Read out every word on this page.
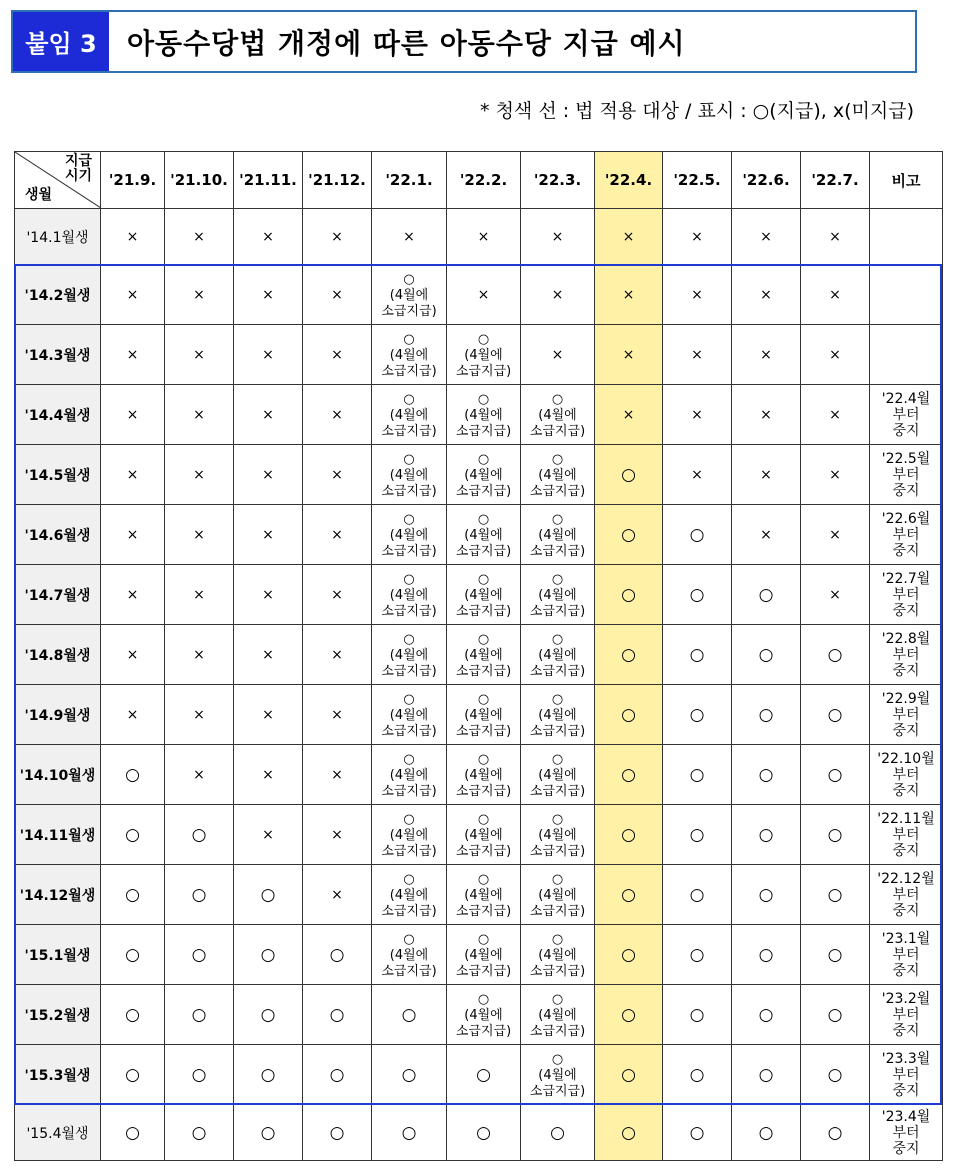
붙임 3	아동수당법 개정에 따른 아동수당 지급 예시
* 청색 선 : 법 적용 대상 / 표시 : ○(지급), x(미지급)
지급
시기
생월	'21.9.	'21.10.	'21.11.	'21.12.	'22.1.	'22.2.	'22.3.	'22.4.	'22.5.	'22.6.	'22.7.	비고
'14.1월생	×	×	×	×	×	×	×	×	×	×	×	
'14.2월생	×	×	×	×	○
(4월에
소급지급)	×	×	×	×	×	×	
'14.3월생	×	×	×	×	○
(4월에
소급지급)	○
(4월에
소급지급)	×	×	×	×	×	
'14.4월생	×	×	×	×	○
(4월에
소급지급)	○
(4월에
소급지급)	○
(4월에
소급지급)	×	×	×	×	'22.4월
부터
중지
'14.5월생	×	×	×	×	○
(4월에
소급지급)	○
(4월에
소급지급)	○
(4월에
소급지급)	○	×	×	×	'22.5월
부터
중지
'14.6월생	×	×	×	×	○
(4월에
소급지급)	○
(4월에
소급지급)	○
(4월에
소급지급)	○	○	×	×	'22.6월
부터
중지
'14.7월생	×	×	×	×	○
(4월에
소급지급)	○
(4월에
소급지급)	○
(4월에
소급지급)	○	○	○	×	'22.7월
부터
중지
'14.8월생	×	×	×	×	○
(4월에
소급지급)	○
(4월에
소급지급)	○
(4월에
소급지급)	○	○	○	○	'22.8월
부터
중지
'14.9월생	×	×	×	×	○
(4월에
소급지급)	○
(4월에
소급지급)	○
(4월에
소급지급)	○	○	○	○	'22.9월
부터
중지
'14.10월생	○	×	×	×	○
(4월에
소급지급)	○
(4월에
소급지급)	○
(4월에
소급지급)	○	○	○	○	'22.10월
부터
중지
'14.11월생	○	○	×	×	○
(4월에
소급지급)	○
(4월에
소급지급)	○
(4월에
소급지급)	○	○	○	○	'22.11월
부터
중지
'14.12월생	○	○	○	×	○
(4월에
소급지급)	○
(4월에
소급지급)	○
(4월에
소급지급)	○	○	○	○	'22.12월
부터
중지
'15.1월생	○	○	○	○	○
(4월에
소급지급)	○
(4월에
소급지급)	○
(4월에
소급지급)	○	○	○	○	'23.1월
부터
중지
'15.2월생	○	○	○	○	○	○
(4월에
소급지급)	○
(4월에
소급지급)	○	○	○	○	'23.2월
부터
중지
'15.3월생	○	○	○	○	○	○	○
(4월에
소급지급)	○	○	○	○	'23.3월
부터
중지
'15.4월생	○	○	○	○	○	○	○	○	○	○	○	'23.4월
부터
중지
